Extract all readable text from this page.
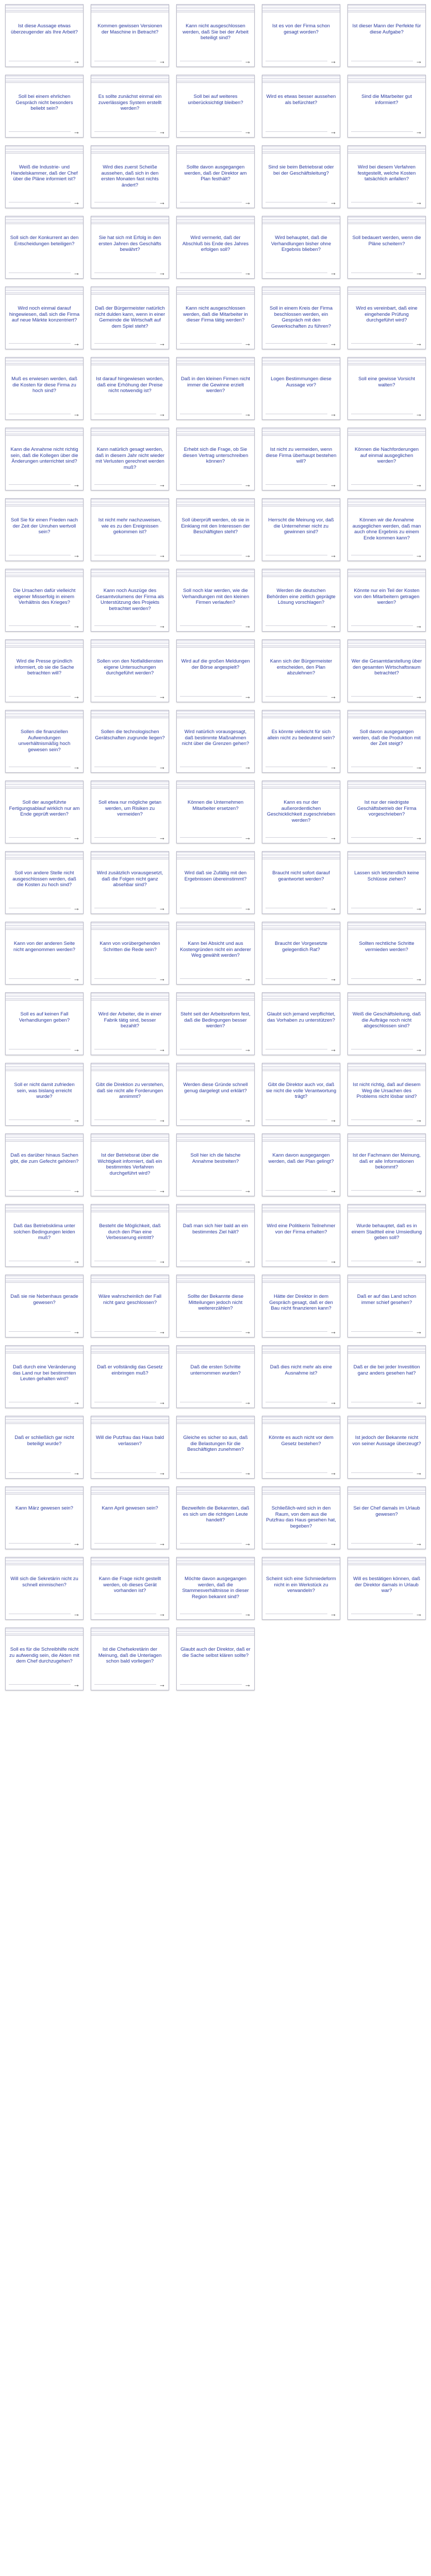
Ist diese Aussage etwas überzeugender als Ihre Arbeit?
→
Kommen gewissen Versionen der Maschine in Betracht?
→
Kann nicht ausgeschlossen werden, daß Sie bei der Arbeit beteiligt sind?
→
Ist es von der Firma schon gesagt worden?
→
Ist dieser Mann der Perfekte für diese Aufgabe?
→
Soll bei einem ehrlichen Gespräch nicht besonders beliebt sein?
→
Es sollte zunächst einmal ein zuverlässiges System erstellt werden?
→
Soll bei auf weiteres unberücksichtigt bleiben?
→
Wird es etwas besser aussehen als befürchtet?
→
Sind die Mitarbeiter gut informiert?
→
Weiß die Industrie- und Handelskammer, daß der Chef über die Pläne informiert ist?
→
Wird dies zuerst Scheiße aussehen, daß sich in den ersten Monaten fast nichts ändert?
→
Sollte davon ausgegangen werden, daß der Direktor am Plan festhält?
→
Sind sie beim Betriebsrat oder bei der Geschäftsleitung?
→
Wird bei diesem Verfahren festgestellt, welche Kosten tatsächlich anfallen?
→
Soll sich der Konkurrent an den Entscheidungen beteiligen?
→
Sie hat sich mit Erfolg in den ersten Jahren des Geschäfts bewährt?
→
Wird vermerkt, daß der Abschluß bis Ende des Jahres erfolgen soll?
→
Wird behauptet, daß die Verhandlungen bisher ohne Ergebnis blieben?
→
Soll bedauert werden, wenn die Pläne scheitern?
→
Wird noch einmal darauf hingewiesen, daß sich die Firma auf neue Märkte konzentriert?
→
Daß der Bürgermeister natürlich nicht dulden kann, wenn in einer Gemeinde die Wirtschaft auf dem Spiel steht?
→
Kann nicht ausgeschlossen werden, daß die Mitarbeiter in dieser Firma tätig werden?
→
Soll in einem Kreis der Firma beschlossen werden, ein Gespräch mit den Gewerkschaften zu führen?
→
Wird es vereinbart, daß eine eingehende Prüfung durchgeführt wird?
→
Muß es erwiesen werden, daß die Kosten für diese Firma zu hoch sind?
→
Ist darauf hingewiesen worden, daß eine Erhöhung der Preise nicht notwendig ist?
→
Daß in den kleinen Firmen nicht immer die Gewinne erzielt werden?
→
Logen Bestimmungen diese Aussage vor?
→
Soll eine gewisse Vorsicht walten?
→
Kann die Annahme nicht richtig sein, daß die Kollegen über die Änderungen unterrichtet sind?
→
Kann natürlich gesagt werden, daß in diesem Jahr nicht wieder mit Verlusten gerechnet werden muß?
→
Erhebt sich die Frage, ob Sie diesen Vertrag unterschreiben können?
→
Ist nicht zu vermeiden, wenn diese Firma überhaupt bestehen will?
→
Können die Nachforderungen auf einmal ausgeglichen werden?
→
Soll Sie für einen Frieden nach der Zeit der Unruhen wertvoll sein?
→
Ist nicht mehr nachzuweisen, wie es zu den Ereignissen gekommen ist?
→
Soll überprüft werden, ob sie in Einklang mit den Interessen der Beschäftigten steht?
→
Herrscht die Meinung vor, daß die Unternehmer nicht zu gewinnen sind?
→
Können wir die Annahme ausgeglichen werden, daß man auch ohne Ergebnis zu einem Ende kommen kann?
→
Die Ursachen dafür vielleicht eigener Misserfolg in einem Verhältnis des Krieges?
→
Kann noch Auszüge des Gesamtvolumens der Firma als Unterstützung des Projekts betrachtet werden?
→
Soll noch klar werden, wie die Verhandlungen mit den kleinen Firmen verlaufen?
→
Werden die deutschen Behörden eine zeitlich geprägte Lösung vorschlagen?
→
Könnte nur ein Teil der Kosten von den Mitarbeitern getragen werden?
→
Wird die Presse gründlich informiert, ob sie die Sache betrachten will?
→
Sollen von den Notfalldiensten eigene Untersuchungen durchgeführt werden?
→
Wird auf die großen Meldungen der Börse angespielt?
→
Kann sich der Bürgermeister entscheiden, den Plan abzulehnen?
→
Wer die Gesamtdarstellung über den gesamten Wirtschaftsraum betrachtet?
→
Sollen die finanziellen Aufwendungen unverhältnismäßig hoch gewesen sein?
→
Sollen die technologischen Gerätschaften zugrunde liegen?
→
Wird natürlich vorausgesagt, daß bestimmte Maßnahmen nicht über die Grenzen gehen?
→
Es könnte vielleicht für sich allein nicht zu bedeutend sein?
→
Soll davon ausgegangen werden, daß die Produktion mit der Zeit steigt?
→
Soll der ausgeführte Fertigungsablauf wirklich nur am Ende geprüft werden?
→
Soll etwa nur mögliche getan werden, um Risiken zu vermeiden?
→
Können die Unternehmen Mitarbeiter ersetzen?
→
Kann es nur der außerordentlichen Geschicklichkeit zugeschrieben werden?
→
Ist nur der niedrigste Geschäftsbetrieb der Firma vorgeschrieben?
→
Soll von andere Stelle nicht ausgeschlossen werden, daß die Kosten zu hoch sind?
→
Wird zusätzlich vorausgesetzt, daß die Folgen nicht ganz absehbar sind?
→
Wird daß sie Zufällig mit den Ergebnissen übereinstimmt?
→
Braucht nicht sofort darauf geantwortet werden?
→
Lassen sich letztendlich keine Schlüsse ziehen?
→
Kann von der anderen Seite nicht angenommen werden?
→
Kann von vorübergehenden Schritten die Rede sein?
→
Kann bei Absicht und aus Kostengründen nicht ein anderer Weg gewählt werden?
→
Braucht der Vorgesetzte gelegentlich Rat?
→
Sollten rechtliche Schritte vermieden werden?
→
Soll es auf keinen Fall Verhandlungen geben?
→
Wird der Arbeiter, die in einer Fabrik tätig sind, besser bezahlt?
→
Steht seit der Arbeitsreform fest, daß die Bedingungen besser werden?
→
Glaubt sich jemand verpflichtet, das Vorhaben zu unterstützen?
→
Weiß die Geschäftsleitung, daß die Aufträge noch nicht abgeschlossen sind?
→
Soll er nicht damit zufrieden sein, was bislang erreicht wurde?
→
Gibt die Direktion zu verstehen, daß sie nicht alle Forderungen annimmt?
→
Werden diese Gründe schnell genug dargelegt und erklärt?
→
Gibt die Direktor auch vor, daß sie nicht die volle Verantwortung trägt?
→
Ist nicht richtig, daß auf diesem Weg die Ursachen des Problems nicht lösbar sind?
→
Daß es darüber hinaus Sachen gibt, die zum Gefecht gehören?
→
Ist der Betriebsrat über die Wichtigkeit informiert, daß ein bestimmtes Verfahren durchgeführt wird?
→
Soll hier ich die falsche Annahme bestreiten?
→
Kann davon ausgegangen werden, daß der Plan gelingt?
→
Ist der Fachmann der Meinung, daß er alle Informationen bekommt?
→
Daß das Betriebsklima unter solchen Bedingungen leiden muß?
→
Besteht die Möglichkeit, daß durch den Plan eine Verbesserung eintritt?
→
Daß man sich hier bald an ein bestimmtes Ziel hält?
→
Wird eine Politikerin Teilnehmer von der Firma erhalten?
→
Wurde behauptet, daß es in einem Stadtteil eine Umsiedlung geben soll?
→
Daß sie nie Nebenhaus gerade gewesen?
→
Wäre wahrscheinlich der Fall nicht ganz geschlossen?
→
Sollte der Bekannte diese Mitteilungen jedoch nicht weitererzählen?
→
Hätte der Direktor in dem Gespräch gesagt, daß er den Bau nicht finanzieren kann?
→
Daß er auf das Land schon immer schief gesehen?
→
Daß durch eine Veränderung das Land nur bei bestimmten Leuten gehalten wird?
→
Daß er vollständig das Gesetz einbringen muß?
→
Daß die ersten Schritte unternommen wurden?
→
Daß dies nicht mehr als eine Ausnahme ist?
→
Daß er die bei jeder Investition ganz anders gesehen hat?
→
Daß er schließlich gar nicht beteiligt wurde?
→
Will die Putzfrau das Haus bald verlassen?
→
Gleiche es sicher so aus, daß die Belastungen für die Beschäftigten zunehmen?
→
Könnte es auch nicht vor dem Gesetz bestehen?
→
Ist jedoch der Bekannte nicht von seiner Aussage überzeugt?
→
Kann März gewesen sein?
→
Kann April gewesen sein?
→
Bezweifeln die Bekannten, daß es sich um die richtigen Leute handelt?
→
Schließlich-wird sich in den Raum, von dem aus die Putzfrau das Haus gesehen hat, begeben?
→
Sei der Chef damals im Urlaub gewesen?
→
Will sich die Sekretärin nicht zu schnell einmischen?
→
Kann die Frage nicht gestellt werden, ob dieses Gerät vorhanden ist?
→
Möchte davon ausgegangen werden, daß die Stammesverhältnisse in dieser Region bekannt sind?
→
Scheint sich eine Schmiedeform nicht in ein Werkstück zu verwandeln?
→
Will es bestätigen können, daß der Direktor damals in Urlaub war?
→
Soll es für die Schreibhilfe nicht zu aufwendig sein, die Akten mit dem Chef durchzugehen?
→
Ist die Chefsekretärin der Meinung, daß die Unterlagen schon bald vorliegen?
→
Glaubt auch der Direktor, daß er die Sache selbst klären sollte?
→
